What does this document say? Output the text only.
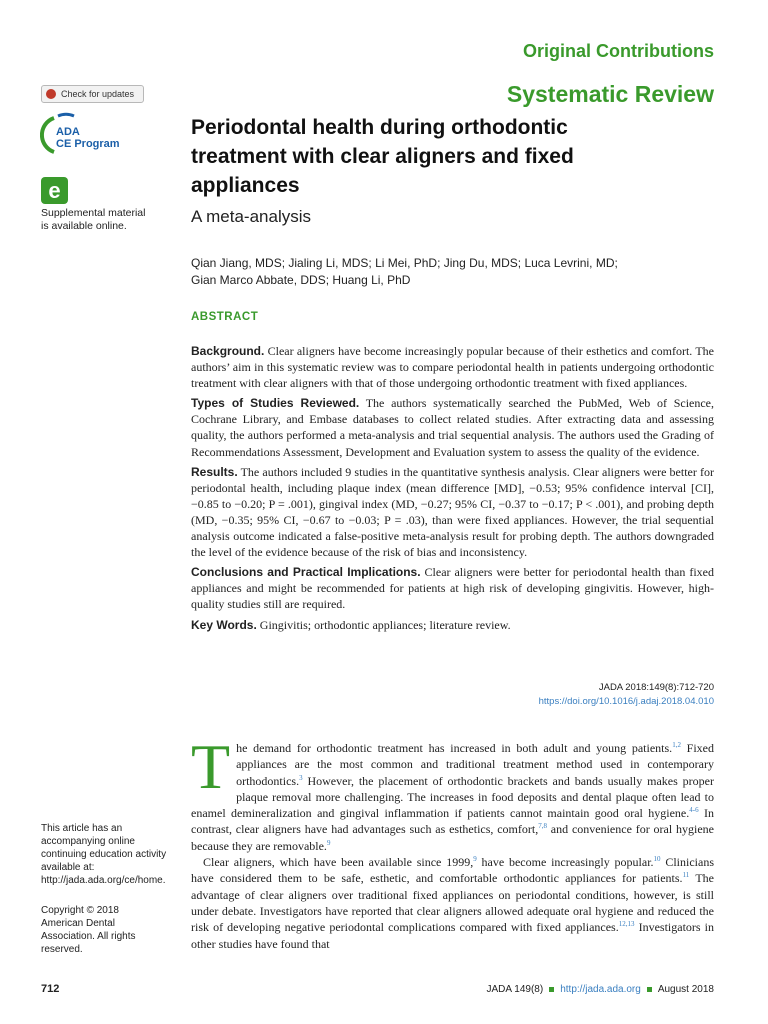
Original Contributions
Systematic Review
Check for updates
ADA
CE Program
e
Supplemental material
is available online.
Periodontal health during orthodontic treatment with clear aligners and fixed appliances
A meta-analysis
Qian Jiang, MDS; Jialing Li, MDS; Li Mei, PhD; Jing Du, MDS; Luca Levrini, MD;
Gian Marco Abbate, DDS; Huang Li, PhD
ABSTRACT

Background. Clear aligners have become increasingly popular because of their esthetics and comfort. The authors’ aim in this systematic review was to compare periodontal health in patients undergoing orthodontic treatment with clear aligners with that of those undergoing orthodontic treatment with fixed appliances.

Types of Studies Reviewed. The authors systematically searched the PubMed, Web of Science, Cochrane Library, and Embase databases to collect related studies. After extracting data and assessing quality, the authors performed a meta-analysis and trial sequential analysis. The authors used the Grading of Recommendations Assessment, Development and Evaluation system to assess the quality of the evidence.

Results. The authors included 9 studies in the quantitative synthesis analysis. Clear aligners were better for periodontal health, including plaque index (mean difference [MD], −0.53; 95% confidence interval [CI], −0.85 to −0.20; P = .001), gingival index (MD, −0.27; 95% CI, −0.37 to −0.17; P < .001), and probing depth (MD, −0.35; 95% CI, −0.67 to −0.03; P = .03), than were fixed appliances. However, the trial sequential analysis outcome indicated a false-positive meta-analysis result for probing depth. The authors downgraded the level of the evidence because of the risk of bias and inconsistency.

Conclusions and Practical Implications. Clear aligners were better for periodontal health than fixed appliances and might be recommended for patients at high risk of developing gingivitis. However, high-quality studies still are required.

Key Words. Gingivitis; orthodontic appliances; literature review.

JADA 2018:149(8):712-720
https://doi.org/10.1016/j.adaj.2018.04.010

The demand for orthodontic treatment has increased in both adult and young patients.$^{1,2}$ Fixed appliances are the most common and traditional treatment method used in contemporary orthodontics.$^3$ However, the placement of orthodontic brackets and bands usually makes proper plaque removal more challenging. The increases in food deposits and dental plaque often lead to enamel demineralization and gingival inflammation if patients cannot maintain good oral hygiene.$^{4-6}$ In contrast, clear aligners have had advantages such as esthetics, comfort,$^{7,8}$ and convenience for oral hygiene because they are removable.$^9$

Clear aligners, which have been available since 1999,$^9$ have become increasingly popular.$^{10}$ Clinicians have considered them to be safe, esthetic, and comfortable orthodontic appliances for patients.$^{11}$ The advantage of clear aligners over traditional fixed appliances on periodontal conditions, however, is still under debate. Investigators have reported that clear aligners allowed adequate oral hygiene and reduced the risk of developing negative periodontal complications compared with fixed appliances.$^{12,13}$ Investigators in other studies have found that

This article has an
accompanying online
continuing education activity
available at:
http://jada.ada.org/ce/home.
Copyright © 2018
American Dental
Association. All rights
reserved.
712	JADA 149(8) http://jada.ada.org August 2018
